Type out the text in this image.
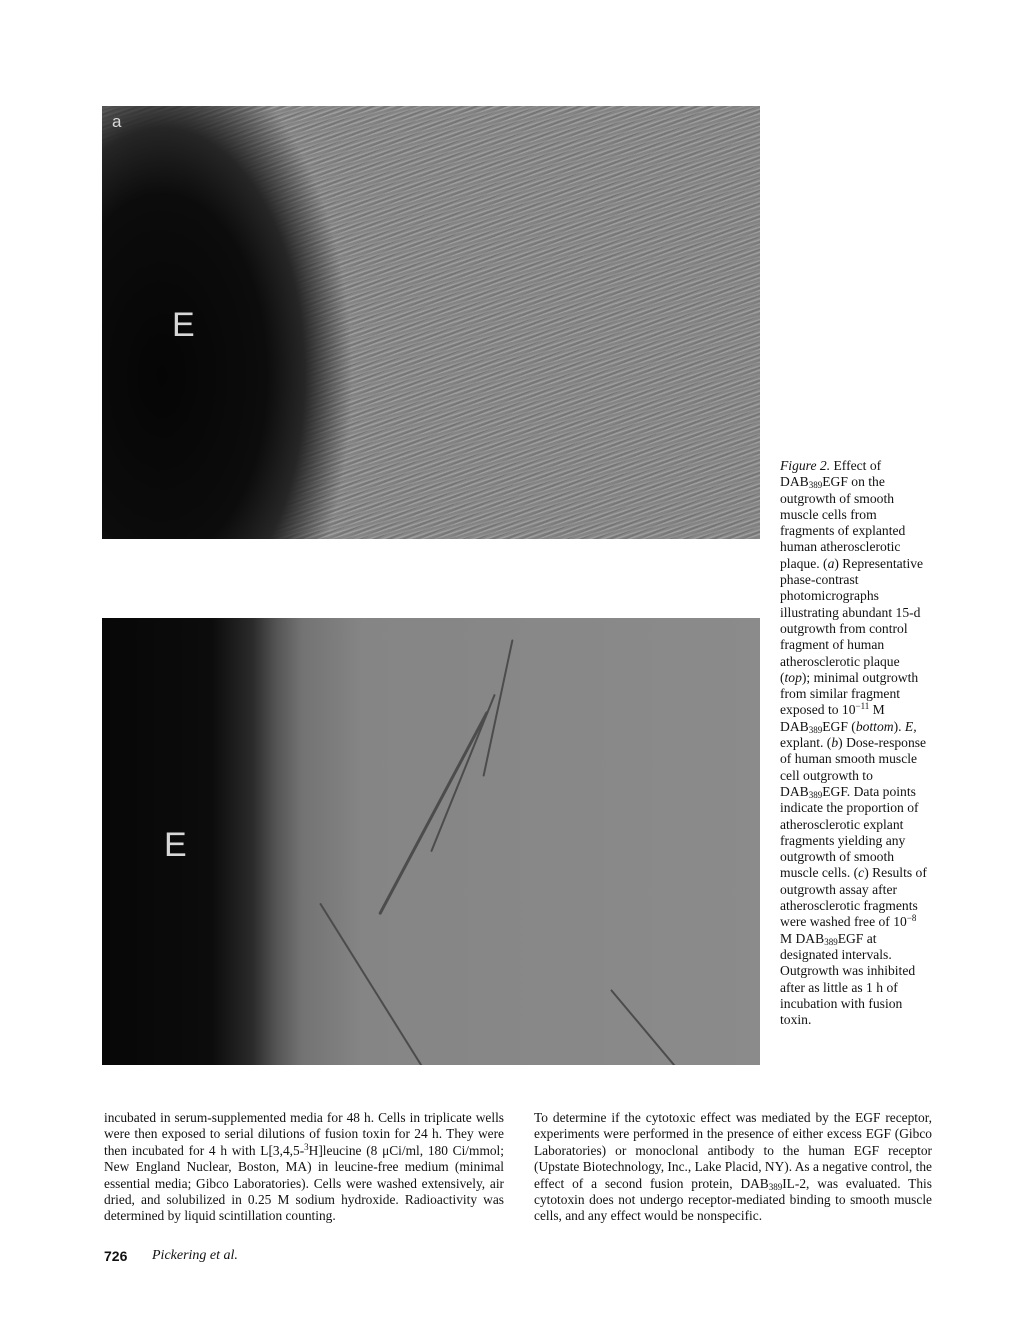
a
E
E
Figure 2. Effect of $DAB_{389}EGF$ on the outgrowth of smooth muscle cells from fragments of explanted human atherosclerotic plaque. (a) Representative phase-contrast photomicrographs illustrating abundant 15-d outgrowth from control fragment of human atherosclerotic plaque (top); minimal outgrowth from similar fragment exposed to $10^{-11}$ M $DAB_{389}EGF$ (bottom). E, explant. (b) Dose-response of human smooth muscle cell outgrowth to $DAB_{389}EGF$. Data points indicate the proportion of atherosclerotic explant fragments yielding any outgrowth of smooth muscle cells. (c) Results of outgrowth assay after atherosclerotic fragments were washed free of $10^{-8}$ M $DAB_{389}EGF$ at designated intervals. Outgrowth was inhibited after as little as 1 h of incubation with fusion toxin.
incubated in serum-supplemented media for 48 h. Cells in triplicate wells were then exposed to serial dilutions of fusion toxin for 24 h. They were then incubated for 4 h with L[3,4,5-$^3$H]leucine (8 μCi/ml, 180 Ci/mmol; New England Nuclear, Boston, MA) in leucine-free medium (minimal essential media; Gibco Laboratories). Cells were washed extensively, air dried, and solubilized in 0.25 M sodium hydroxide. Radioactivity was determined by liquid scintillation counting.
To determine if the cytotoxic effect was mediated by the EGF receptor, experiments were performed in the presence of either excess EGF (Gibco Laboratories) or monoclonal antibody to the human EGF receptor (Upstate Biotechnology, Inc., Lake Placid, NY). As a negative control, the effect of a second fusion protein, $DAB_{389}IL-2$, was evaluated. This cytotoxin does not undergo receptor-mediated binding to smooth muscle cells, and any effect would be nonspecific.
726 Pickering et al.
